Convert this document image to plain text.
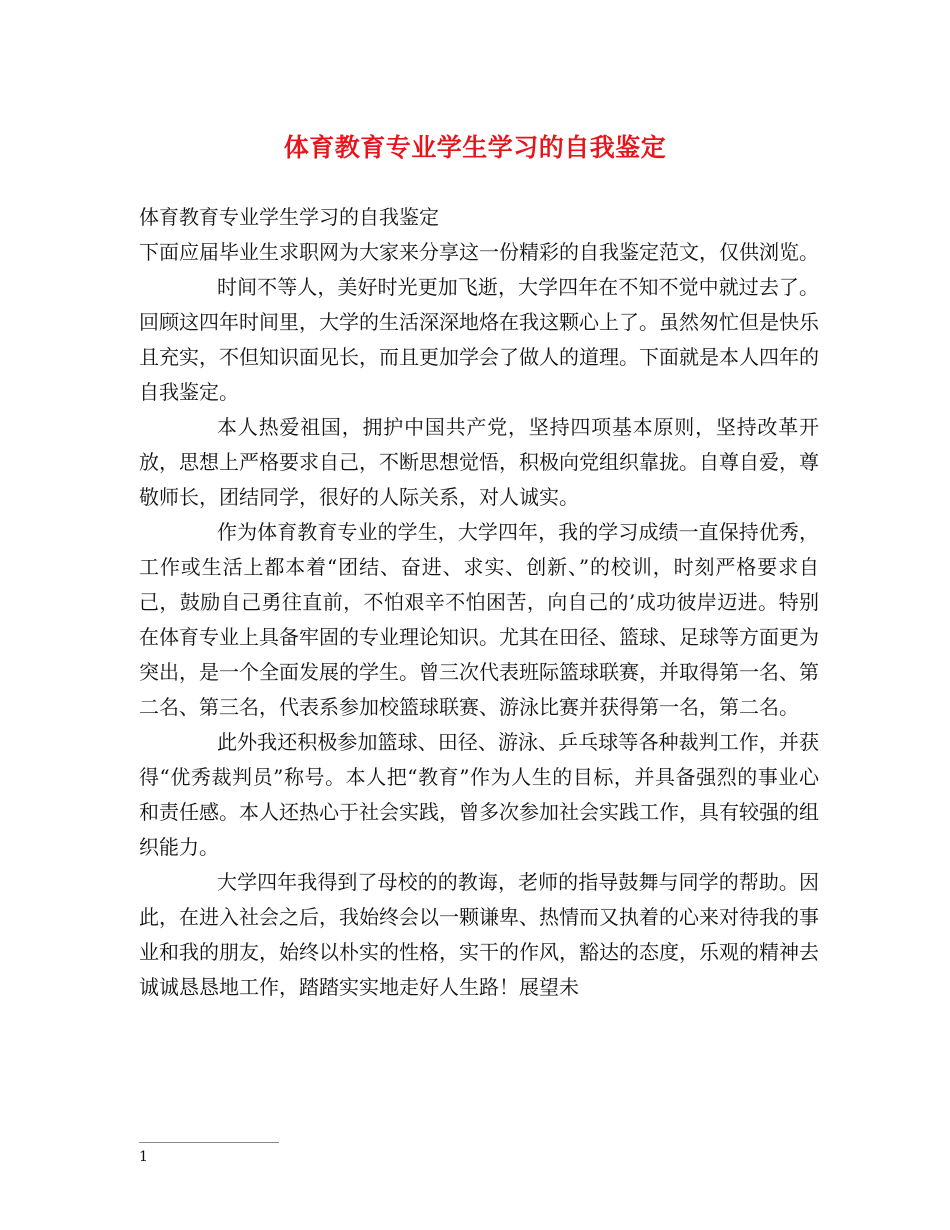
体育教育专业学生学习的自我鉴定
体育教育专业学生学习的自我鉴定

下面应届毕业生求职网为大家来分享这一份精彩的自我鉴定范文，仅供浏览。

时间不等人，美好时光更加飞逝，大学四年在不知不觉中就过去了。回顾这四年时间里，大学的生活深深地烙在我这颗心上了。虽然匆忙但是快乐且充实，不但知识面见长，而且更加学会了做人的道理。下面就是本人四年的自我鉴定。

本人热爱祖国，拥护中国共产党，坚持四项基本原则，坚持改革开放，思想上严格要求自己，不断思想觉悟，积极向党组织靠拢。自尊自爱，尊敬师长，团结同学，很好的人际关系，对人诚实。

作为体育教育专业的学生，大学四年，我的学习成绩一直保持优秀，工作或生活上都本着“团结、奋进、求实、创新、”的校训，时刻严格要求自己，鼓励自己勇往直前，不怕艰辛不怕困苦，向自己的’成功彼岸迈进。特别在体育专业上具备牢固的专业理论知识。尤其在田径、篮球、足球等方面更为突出，是一个全面发展的学生。曾三次代表班际篮球联赛，并取得第一名、第二名、第三名，代表系参加校篮球联赛、游泳比赛并获得第一名，第二名。

此外我还积极参加篮球、田径、游泳、乒乓球等各种裁判工作，并获得“优秀裁判员”称号。本人把“教育”作为人生的目标，并具备强烈的事业心和责任感。本人还热心于社会实践，曾多次参加社会实践工作，具有较强的组织能力。

大学四年我得到了母校的的教诲，老师的指导鼓舞与同学的帮助。因此，在进入社会之后，我始终会以一颗谦卑、热情而又执着的心来对待我的事业和我的朋友，始终以朴实的性格，实干的作风，豁达的态度，乐观的精神去诚诚恳恳地工作，踏踏实实地走好人生路！展望未

1
